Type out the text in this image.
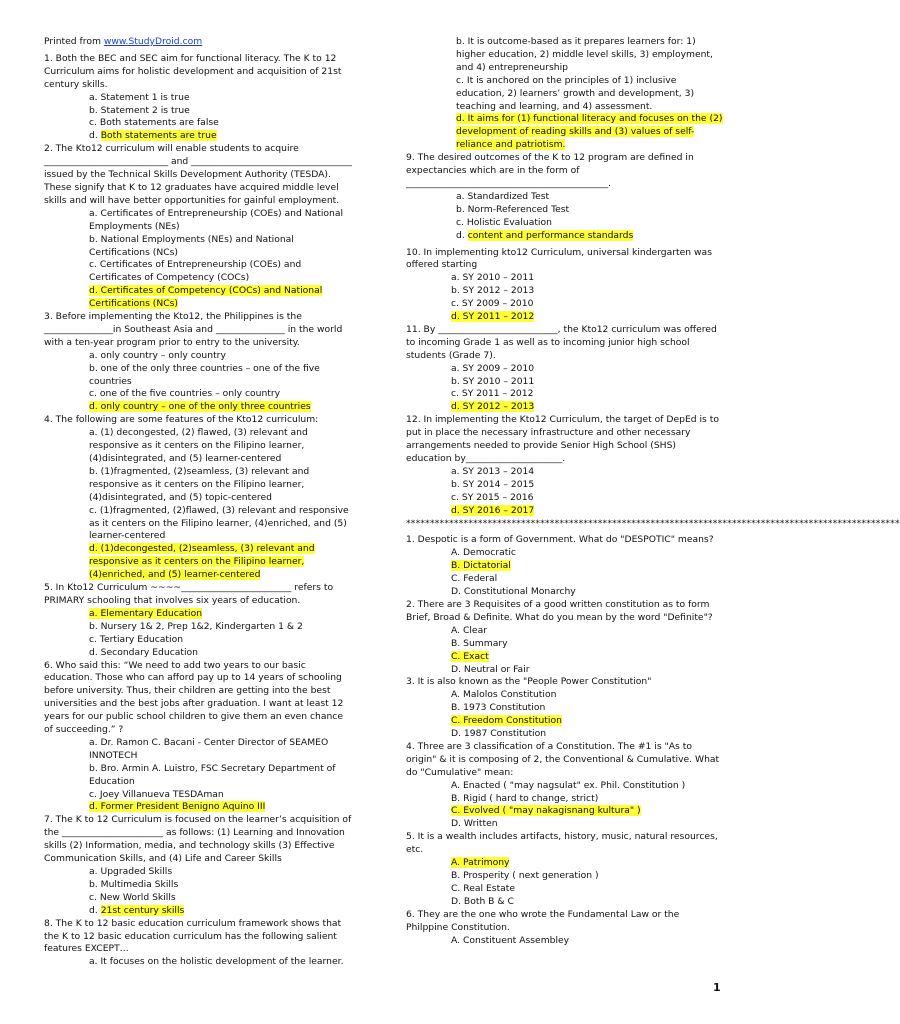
Printed from www.StudyDroid.com

1. Both the BEC and SEC aim for functional literacy. The K to 12 Curriculum aims for holistic development and acquisition of 21st century skills.

a. Statement 1 is true

b. Statement 2 is true

c. Both statements are false

d. Both statements are true

2. The Kto12 curriculum will enable students to acquire ___________________________ and ___________________________________ issued by the Technical Skills Development Authority (TESDA). These signify that K to 12 graduates have acquired middle level skills and will have better opportunities for gainful employment.

a. Certificates of Entrepreneurship (COEs) and National Employments (NEs)

b. National Employments (NEs) and National Certifications (NCs)

c. Certificates of Entrepreneurship (COEs) and Certificates of Competency (COCs)

d. Certificates of Competency (COCs) and National Certifications (NCs)

3. Before implementing the Kto12, the Philippines is the _______________in Southeast Asia and _______________ in the world with a ten-year program prior to entry to the university.

a. only country – only country

b. one of the only three countries – one of the five countries

c. one of the five countries – only country

d. only country – one of the only three countries

4. The following are some features of the Kto12 curriculum:

a. (1) decongested, (2) flawed, (3) relevant and responsive as it centers on the Filipino learner, (4)disintegrated, and (5) learner-centered

b. (1)fragmented, (2)seamless, (3) relevant and responsive as it centers on the Filipino learner, (4)disintegrated, and (5) topic-centered

c. (1)fragmented, (2)flawed, (3) relevant and responsive as it centers on the Filipino learner, (4)enriched, and (5) learner-centered

d. (1)decongested, (2)seamless, (3) relevant and responsive as it centers on the Filipino learner, (4)enriched, and (5) learner-centered

5. In Kto12 Curriculum ~~~~________________________ refers to PRIMARY schooling that involves six years of education.

a. Elementary Education

b. Nursery 1& 2, Prep 1&2, Kindergarten 1 & 2

c. Tertiary Education

d. Secondary Education

6. Who said this: “We need to add two years to our basic education. Those who can afford pay up to 14 years of schooling before university. Thus, their children are getting into the best universities and the best jobs after graduation. I want at least 12 years for our public school children to give them an even chance of succeeding.” ?

a. Dr. Ramon C. Bacani - Center Director of SEAMEO INNOTECH

b. Bro. Armin A. Luistro, FSC Secretary Department of Education

c. Joey Villanueva TESDAman

d. Former President Benigno Aquino III

7. The K to 12 Curriculum is focused on the learner’s acquisition of the ______________________ as follows: (1) Learning and Innovation skills (2) Information, media, and technology skills (3) Effective Communication Skills, and (4) Life and Career Skills

a. Upgraded Skills

b. Multimedia Skills

c. New World Skills

d. 21st century skills

8. The K to 12 basic education curriculum framework shows that the K to 12 basic education curriculum has the following salient features EXCEPT…

a. It focuses on the holistic development of the learner.

b. It is outcome-based as it prepares learners for: 1) higher education, 2) middle level skills, 3) employment, and 4) entrepreneurship

c. It is anchored on the principles of 1) inclusive education, 2) learners’ growth and development, 3) teaching and learning, and 4) assessment.

d. It aims for (1) functional literacy and focuses on the (2) development of reading skills and (3) values of self-reliance and patriotism.

9. The desired outcomes of the K to 12 program are defined in expectancies which are in the form of ____________________________________________.

a. Standardized Test

b. Norm-Referenced Test

c. Holistic Evaluation

d. content and performance standards

10. In implementing kto12 Curriculum, universal kindergarten was offered starting

a. SY 2010 – 2011

b. SY 2012 – 2013

c. SY 2009 – 2010

d. SY 2011 – 2012

11. By __________________________, the Kto12 curriculum was offered to incoming Grade 1 as well as to incoming junior high school students (Grade 7).

a. SY 2009 – 2010

b. SY 2010 – 2011

c. SY 2011 – 2012

d. SY 2012 – 2013

12. In implementing the Kto12 Curriculum, the target of DepEd is to put in place the necessary infrastructure and other necessary arrangements needed to provide Senior High School (SHS) education by_____________________.

a. SY 2013 – 2014

b. SY 2014 – 2015

c. SY 2015 – 2016

d. SY 2016 – 2017

*******************************************************************************************************

1. Despotic is a form of Government. What do "DESPOTIC" means?

A. Democratic

B. Dictatorial

C. Federal

D. Constitutional Monarchy

2. There are 3 Requisites of a good written constitution as to form Brief, Broad & Definite. What do you mean by the word "Definite"?

A. Clear

B. Summary

C. Exact

D. Neutral or Fair

3. It is also known as the "People Power Constitution"

A. Malolos Constitution

B. 1973 Constitution

C. Freedom Constitution

D. 1987 Constitution

4. Three are 3 classification of a Constitution. The #1 is "As to origin" & it is composing of 2, the Conventional & Cumulative. What do "Cumulative" mean:

A. Enacted ( "may nagsulat" ex. Phil. Constitution )

B. Rigid ( hard to change, strict)

C. Evolved ( "may nakagisnang kultura" )

D. Written

5. It is a wealth includes artifacts, history, music, natural resources, etc.

A. Patrimony

B. Prosperity ( next generation )

C. Real Estate

D. Both B & C

6. They are the one who wrote the Fundamental Law or the Philppine Constitution.

A. Constituent Assembley

1
